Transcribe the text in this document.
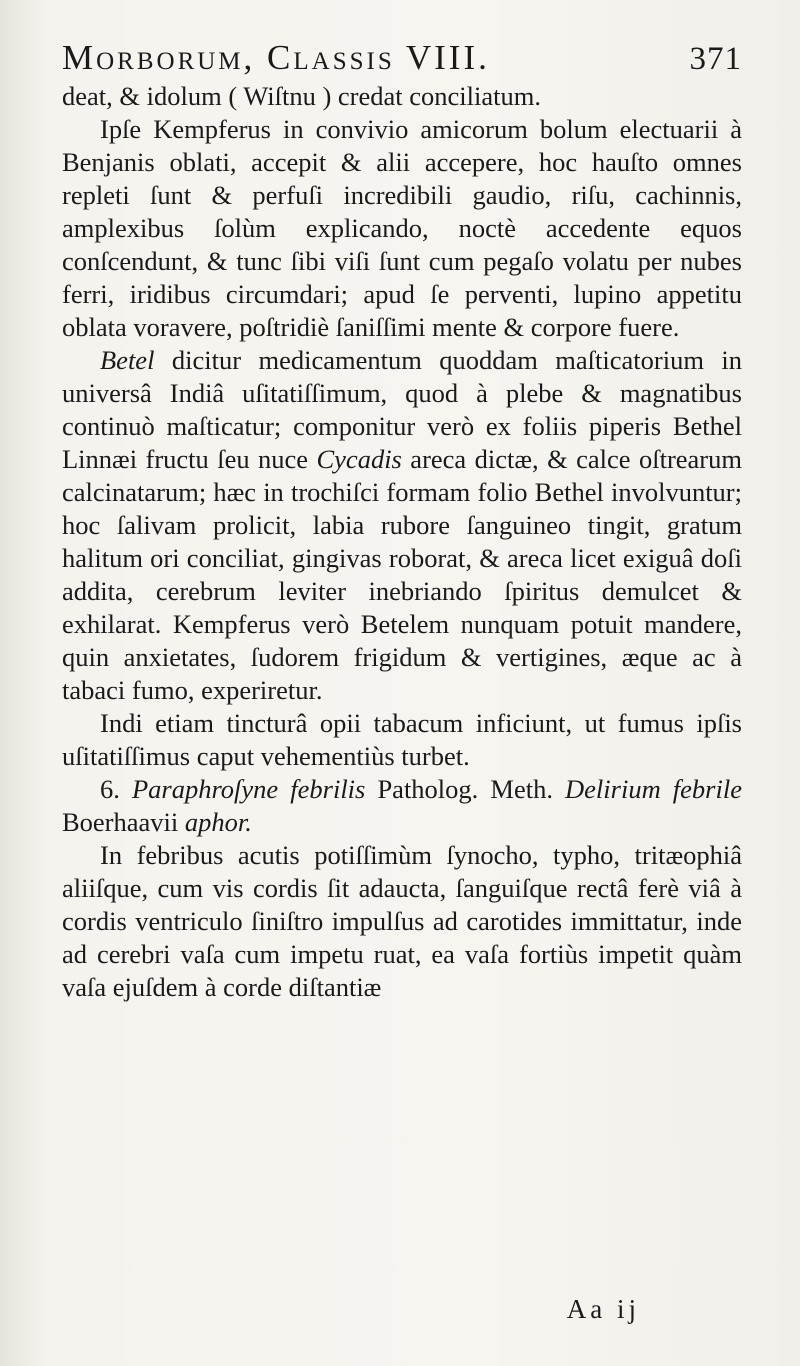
Morborum, Classis VIII.	371

deat, & idolum ( Wiſtnu ) credat conciliatum.

Ipſe Kempferus in convivio amicorum bolum electuarii à Benjanis oblati, accepit & alii accepere, hoc hauſto omnes repleti ſunt & perfuſi incredibili gaudio, riſu, cachinnis, amplexibus ſolùm explicando, noctè accedente equos conſcendunt, & tunc ſibi viſi ſunt cum pegaſo volatu per nubes ferri, iridibus circumdari; apud ſe perventi, lupino appetitu oblata voravere, poſtridiè ſaniſſimi mente & corpore fuere.

Betel dicitur medicamentum quoddam maſticatorium in universâ Indiâ uſitatiſſimum, quod à plebe & magnatibus continuò maſticatur; componitur verò ex foliis piperis Bethel Linnæi fructu ſeu nuce Cycadis areca dictæ, & calce oſtrearum calcinatarum; hæc in trochiſci formam folio Bethel involvuntur; hoc ſalivam prolicit, labia rubore ſanguineo tingit, gratum halitum ori conciliat, gingivas roborat, & areca licet exiguâ doſi addita, cerebrum leviter inebriando ſpiritus demulcet & exhilarat. Kempferus verò Betelem nunquam potuit mandere, quin anxietates, ſudorem frigidum & vertigines, æque ac à tabaci fumo, experiretur.

Indi etiam tincturâ opii tabacum inficiunt, ut fumus ipſis uſitatiſſimus caput vehementiùs turbet.

6. Paraphroſyne febrilis Patholog. Meth. Delirium febrile Boerhaavii aphor.

In febribus acutis potiſſimùm ſynocho, typho, tritæophiâ aliiſque, cum vis cordis ſit adaucta, ſanguiſque rectâ ferè viâ à cordis ventriculo ſiniſtro impulſus ad carotides immittatur, inde ad cerebri vaſa cum impetu ruat, ea vaſa fortiùs impetit quàm vaſa ejuſdem à corde diſtantiæ

Aa ij
